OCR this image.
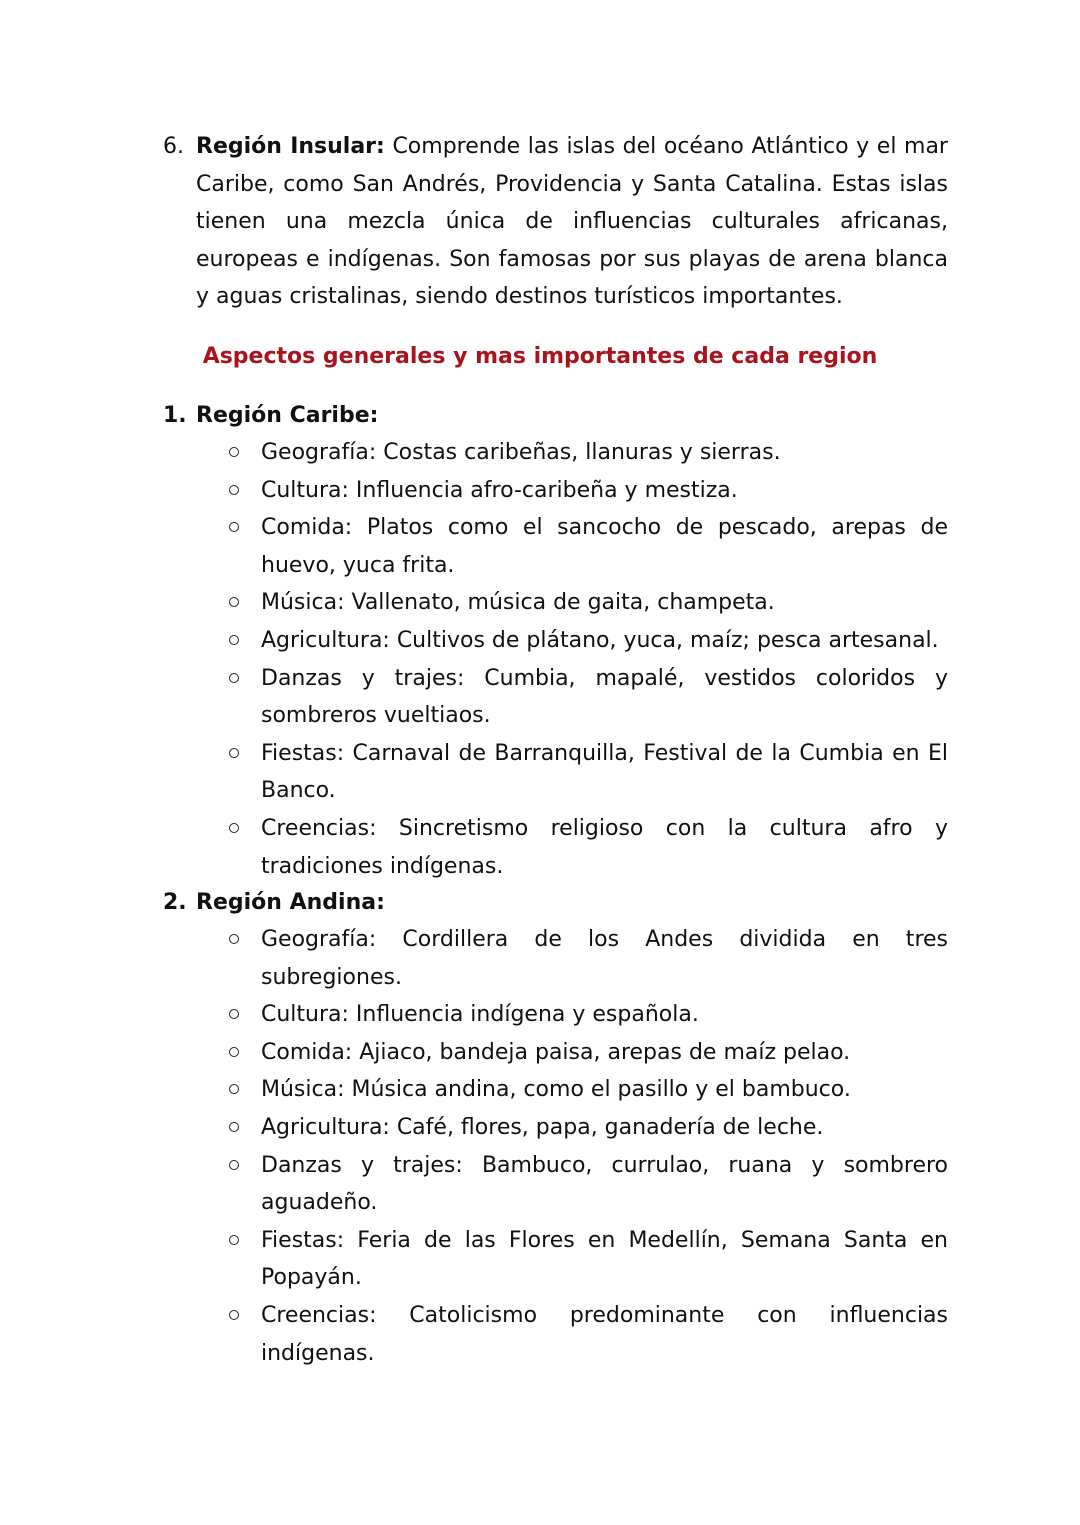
6. Región Insular: Comprende las islas del océano Atlántico y el mar Caribe, como San Andrés, Providencia y Santa Catalina. Estas islas tienen una mezcla única de influencias culturales africanas, europeas e indígenas. Son famosas por sus playas de arena blanca y aguas cristalinas, siendo destinos turísticos importantes.
Aspectos generales y mas importantes de cada region
1. Región Caribe:
Geografía: Costas caribeñas, llanuras y sierras.
Cultura: Influencia afro-caribeña y mestiza.
Comida: Platos como el sancocho de pescado, arepas de huevo, yuca frita.
Música: Vallenato, música de gaita, champeta.
Agricultura: Cultivos de plátano, yuca, maíz; pesca artesanal.
Danzas y trajes: Cumbia, mapalé, vestidos coloridos y sombreros vueltiaos.
Fiestas: Carnaval de Barranquilla, Festival de la Cumbia en El Banco.
Creencias: Sincretismo religioso con la cultura afro y tradiciones indígenas.
2. Región Andina:
Geografía: Cordillera de los Andes dividida en tres subregiones.
Cultura: Influencia indígena y española.
Comida: Ajiaco, bandeja paisa, arepas de maíz pelao.
Música: Música andina, como el pasillo y el bambuco.
Agricultura: Café, flores, papa, ganadería de leche.
Danzas y trajes: Bambuco, currulao, ruana y sombrero aguadeño.
Fiestas: Feria de las Flores en Medellín, Semana Santa en Popayán.
Creencias: Catolicismo predominante con influencias indígenas.
